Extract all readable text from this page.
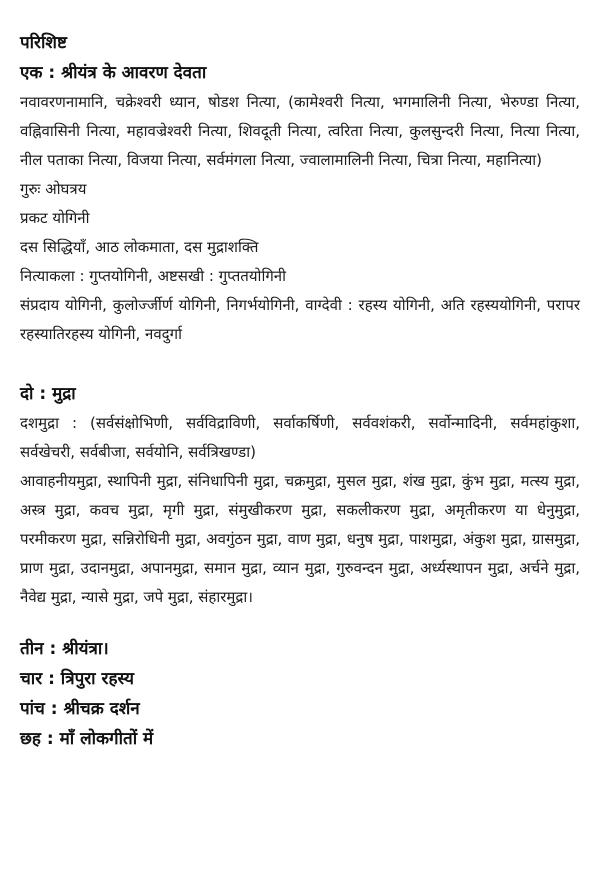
परिशिष्ट

एक : श्रीयंत्र के आवरण देवता

नवावरणनामानि, चक्रेश्वरी ध्यान, षोडश नित्या, (कामेश्वरी नित्या, भगमालिनी नित्या, भेरुण्डा नित्या, वह्निवासिनी नित्या, महावज्रेश्वरी नित्या, शिवदूती नित्या, त्वरिता नित्या, कुलसुन्दरी नित्या, नित्या नित्या, नील पताका नित्या, विजया नित्या, सर्वमंगला नित्या, ज्वालामालिनी नित्या, चित्रा नित्या, महानित्या)

गुरुः ओघत्रय

प्रकट योगिनी

दस सिद्धियाँ, आठ लोकमाता, दस मुद्राशक्ति

नित्याकला : गुप्तयोगिनी, अष्टसखी : गुप्ततयोगिनी

संप्रदाय योगिनी, कुलोर्ज्जीर्ण योगिनी, निगर्भयोगिनी, वाग्देवी : रहस्य योगिनी, अति रहस्ययोगिनी, परापर रहस्यातिरहस्य योगिनी, नवदुर्गा

दो : मुद्रा

दशमुद्रा : (सर्वसंक्षोभिणी, सर्वविद्राविणी, सर्वाकर्षिणी, सर्ववशंकरी, सर्वोन्मादिनी, सर्वमहांकुशा, सर्वखेचरी, सर्वबीजा, सर्वयोनि, सर्वत्रिखण्डा)

आवाहनीयमुद्रा, स्थापिनी मुद्रा, संनिधापिनी मुद्रा, चक्रमुद्रा, मुसल मुद्रा, शंख मुद्रा, कुंभ मुद्रा, मत्स्य मुद्रा, अस्त्र मुद्रा, कवच मुद्रा, मृगी मुद्रा, संमुखीकरण मुद्रा, सकलीकरण मुद्रा, अमृतीकरण या धेनुमुद्रा, परमीकरण मुद्रा, सन्निरोधिनी मुद्रा, अवगुंठन मुद्रा, वाण मुद्रा, धनुष मुद्रा, पाशमुद्रा, अंकुश मुद्रा, ग्रासमुद्रा, प्राण मुद्रा, उदानमुद्रा, अपानमुद्रा, समान मुद्रा, व्यान मुद्रा, गुरुवन्दन मुद्रा, अर्ध्यस्थापन मुद्रा, अर्चने मुद्रा, नैवेद्य मुद्रा, न्यासे मुद्रा, जपे मुद्रा, संहारमुद्रा।

तीन : श्रीयंत्रा।

चार : त्रिपुरा रहस्य

पांच : श्रीचक्र दर्शन

छह : माँ लोकगीतों में
